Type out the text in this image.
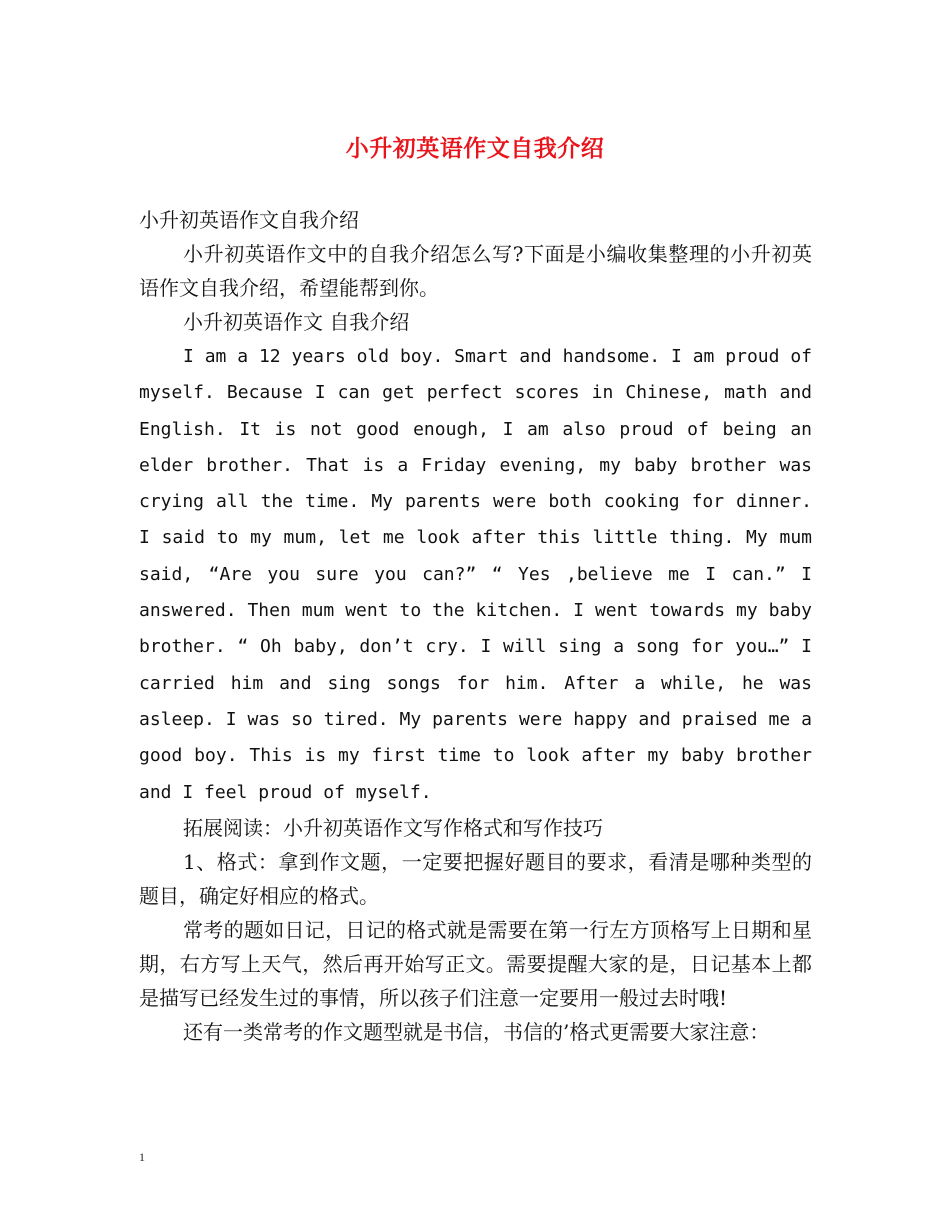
小升初英语作文自我介绍

小升初英语作文自我介绍

小升初英语作文中的自我介绍怎么写?下面是小编收集整理的小升初英语作文自我介绍，希望能帮到你。

小升初英语作文 自我介绍

I am a 12 years old boy. Smart and handsome. I am proud of myself. Because I can get perfect scores in Chinese, math and English. It is not good enough, I am also proud of being an elder brother. That is a Friday evening, my baby brother was crying all the time. My parents were both cooking for dinner. I said to my mum, let me look after this little thing. My mum said, “Are you sure you can?” “ Yes ,believe me I can.” I answered. Then mum went to the kitchen. I went towards my baby brother. “ Oh baby, don’t cry. I will sing a song for you…” I carried him and sing songs for him. After a while, he was asleep. I was so tired. My parents were happy and praised me a good boy. This is my first time to look after my baby brother and I feel proud of myself.

拓展阅读：小升初英语作文写作格式和写作技巧

1、格式：拿到作文题，一定要把握好题目的要求，看清是哪种类型的题目，确定好相应的格式。

常考的题如日记，日记的格式就是需要在第一行左方顶格写上日期和星期，右方写上天气，然后再开始写正文。需要提醒大家的是，日记基本上都是描写已经发生过的事情，所以孩子们注意一定要用一般过去时哦!

还有一类常考的作文题型就是书信，书信的’格式更需要大家注意：

1
